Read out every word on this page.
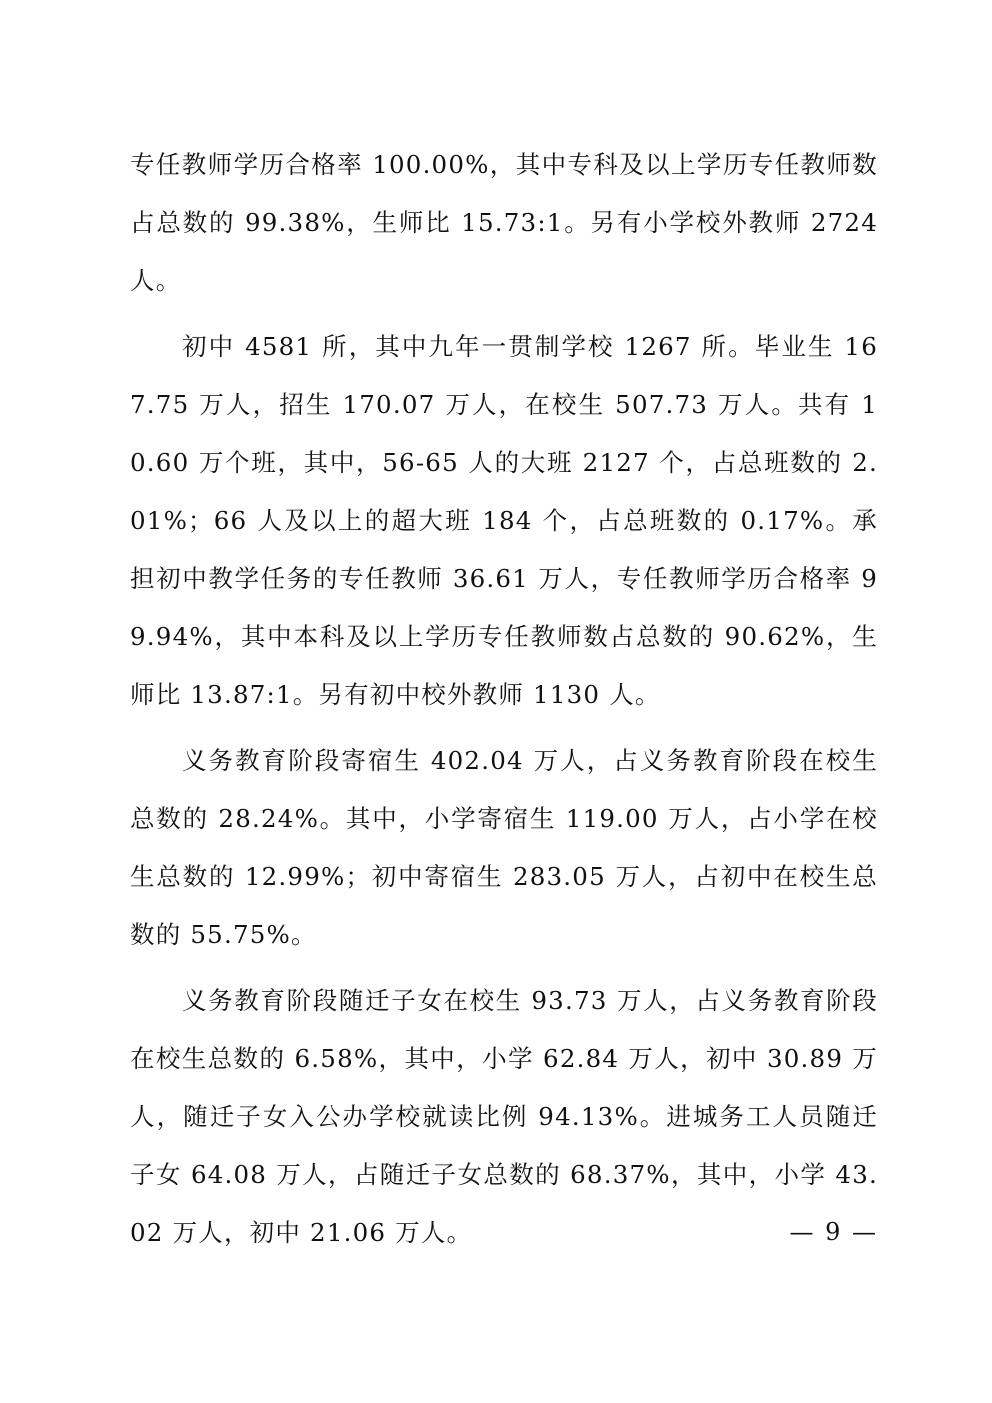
专任教师学历合格率 100.00%，其中专科及以上学历专任教师数占总数的 99.38%，生师比 15.73:1。另有小学校外教师 2724 人。

初中 4581 所，其中九年一贯制学校 1267 所。毕业生 167.75 万人，招生 170.07 万人，在校生 507.73 万人。共有 10.60 万个班，其中，56-65 人的大班 2127 个，占总班数的 2.01%；66 人及以上的超大班 184 个，占总班数的 0.17%。承担初中教学任务的专任教师 36.61 万人，专任教师学历合格率 99.94%，其中本科及以上学历专任教师数占总数的 90.62%，生师比 13.87:1。另有初中校外教师 1130 人。

义务教育阶段寄宿生 402.04 万人，占义务教育阶段在校生总数的 28.24%。其中，小学寄宿生 119.00 万人，占小学在校生总数的 12.99%；初中寄宿生 283.05 万人，占初中在校生总数的 55.75%。

义务教育阶段随迁子女在校生 93.73 万人，占义务教育阶段在校生总数的 6.58%，其中，小学 62.84 万人，初中 30.89 万人，随迁子女入公办学校就读比例 94.13%。进城务工人员随迁子女 64.08 万人，占随迁子女总数的 68.37%，其中，小学 43.02 万人，初中 21.06 万人。	— 9 —
